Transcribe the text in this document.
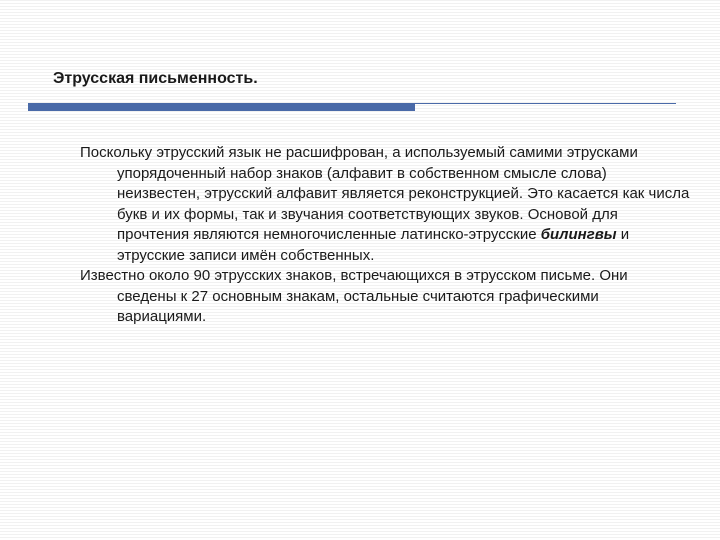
Этрусская письменность.

Поскольку этрусский язык не расшифрован, а используемый самими этрусками упорядоченный набор знаков (алфавит в собственном смысле слова) неизвестен, этрусский алфавит является реконструкцией. Это касается как числа букв и их формы, так и звучания соответствующих звуков. Основой для прочтения являются немногочисленные латинско-этрусские билингвы и этрусские записи имён собственных.

Известно около 90 этрусских знаков, встречающихся в этрусском письме. Они сведены к 27 основным знакам, остальные считаются графическими вариациями.
